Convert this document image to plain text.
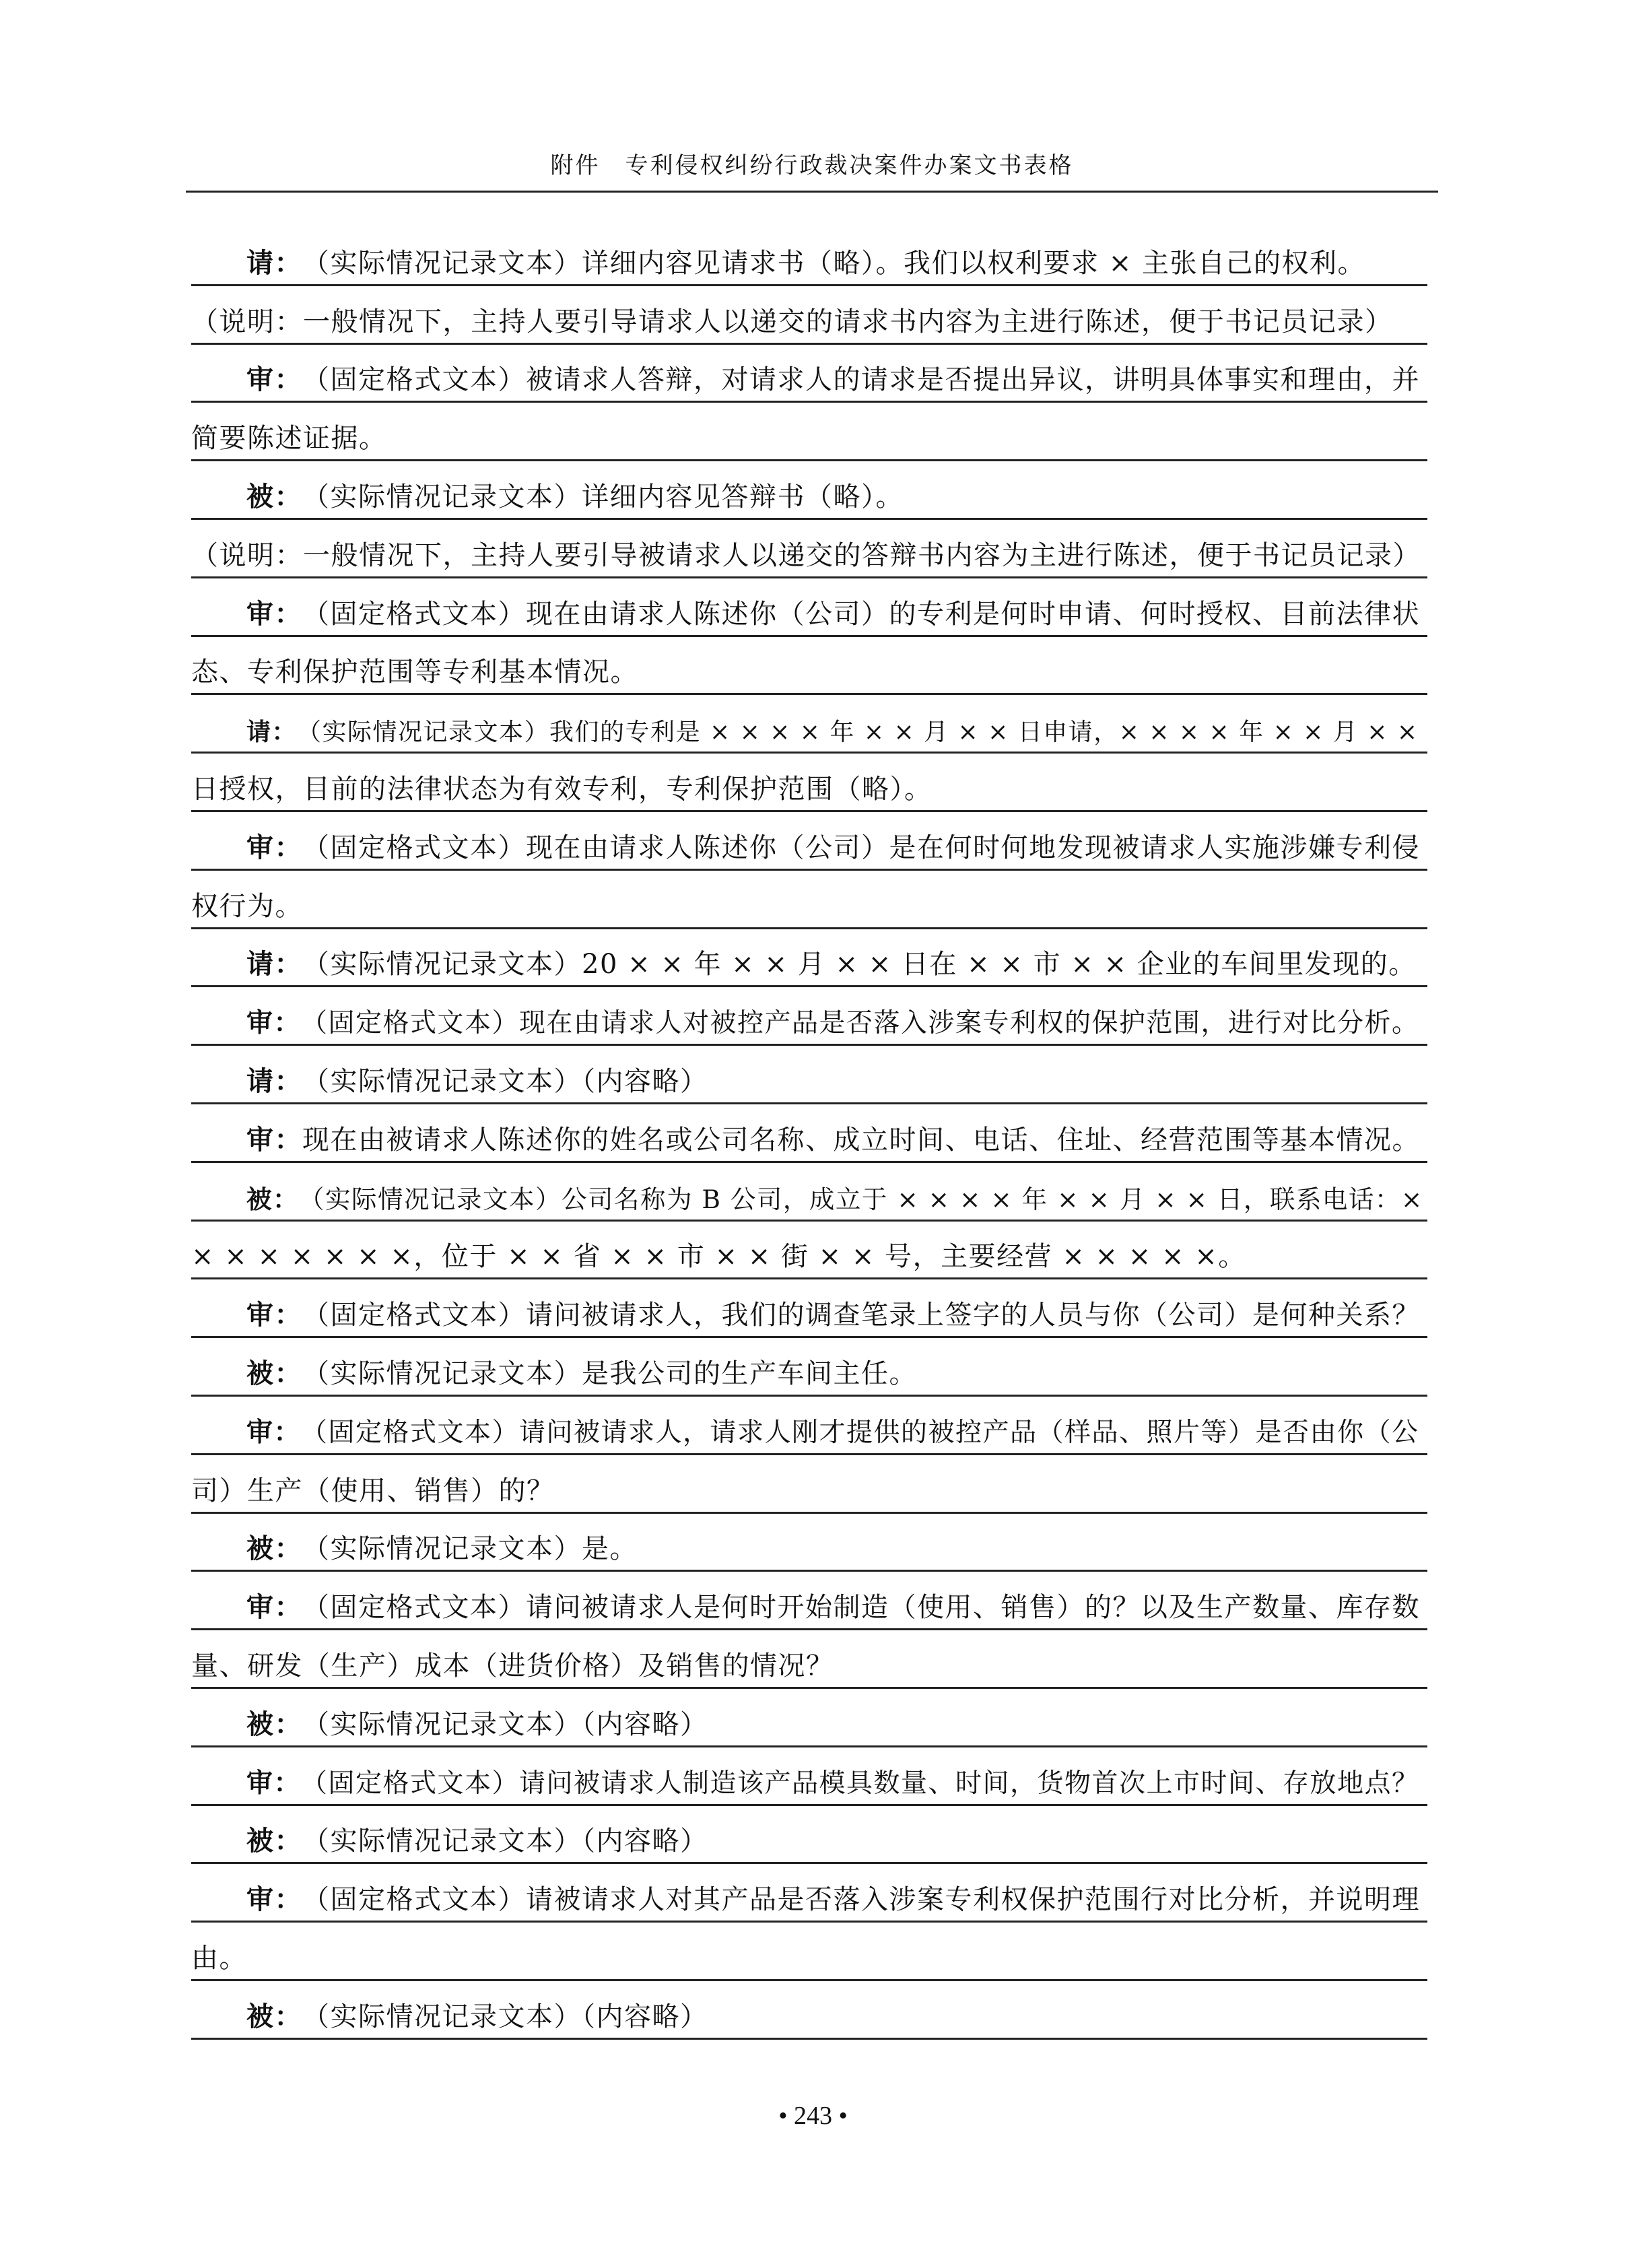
附件　专利侵权纠纷行政裁决案件办案文书表格
请： （实际情况记录文本）详细内容见请求书（略）。我们以权利要求 × 主张自己的权利。
（说明：一般情况下，主持人要引导请求人以递交的请求书内容为主进行陈述，便于书记员记录）
审： （固定格式文本）被请求人答辩，对请求人的请求是否提出异议，讲明具体事实和理由，并
简要陈述证据。
被： （实际情况记录文本）详细内容见答辩书（略）。
（说明：一般情况下，主持人要引导被请求人以递交的答辩书内容为主进行陈述，便于书记员记录）
审： （固定格式文本）现在由请求人陈述你（公司）的专利是何时申请、何时授权、目前法律状
态、专利保护范围等专利基本情况。
请： （实际情况记录文本）我们的专利是 × × × × 年 × × 月 × × 日申请，× × × × 年 × × 月 × ×
日授权，目前的法律状态为有效专利，专利保护范围（略）。
审： （固定格式文本）现在由请求人陈述你（公司）是在何时何地发现被请求人实施涉嫌专利侵
权行为。
请： （实际情况记录文本）20 × × 年 × × 月 × × 日在 × × 市 × × 企业的车间里发现的。
审： （固定格式文本）现在由请求人对被控产品是否落入涉案专利权的保护范围，进行对比分析。
请： （实际情况记录文本）（内容略）
审： 现在由被请求人陈述你的姓名或公司名称、成立时间、电话、住址、经营范围等基本情况。
被： （实际情况记录文本）公司名称为 B 公司，成立于 × × × × 年 × × 月 × × 日，联系电话：×
× × × × × × ×，位于 × × 省 × × 市 × × 街 × × 号，主要经营 × × × × ×。
审： （固定格式文本）请问被请求人，我们的调查笔录上签字的人员与你（公司）是何种关系？
被： （实际情况记录文本）是我公司的生产车间主任。
审： （固定格式文本）请问被请求人，请求人刚才提供的被控产品（样品、照片等）是否由你（公
司）生产（使用、销售）的？
被： （实际情况记录文本）是。
审： （固定格式文本）请问被请求人是何时开始制造（使用、销售）的？以及生产数量、库存数
量、研发（生产）成本（进货价格）及销售的情况？
被： （实际情况记录文本）（内容略）
审： （固定格式文本）请问被请求人制造该产品模具数量、时间，货物首次上市时间、存放地点？
被： （实际情况记录文本）（内容略）
审： （固定格式文本）请被请求人对其产品是否落入涉案专利权保护范围行对比分析，并说明理
由。
被： （实际情况记录文本）（内容略）
• 243 •
